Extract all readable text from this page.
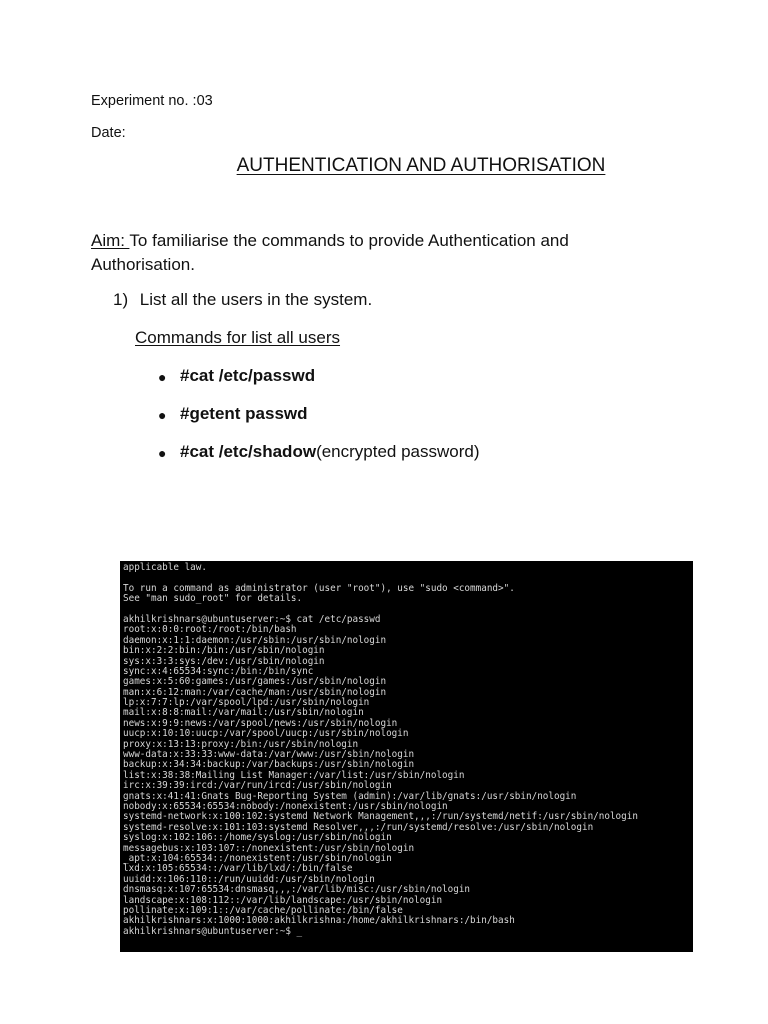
Experiment no. :03
Date:
AUTHENTICATION AND AUTHORISATION
Aim: To familiarise the commands to provide Authentication and Authorisation.
1) List all the users in the system.
Commands for list all users
● #cat /etc/passwd
● #getent passwd
● #cat /etc/shadow(encrypted password)
applicable law.
To run a command as administrator (user "root"), use "sudo <command>".
See "man sudo_root" for details.
akhilkrishnars@ubuntuserver:~$ cat /etc/passwd
root:x:0:0:root:/root:/bin/bash
daemon:x:1:1:daemon:/usr/sbin:/usr/sbin/nologin
bin:x:2:2:bin:/bin:/usr/sbin/nologin
sys:x:3:3:sys:/dev:/usr/sbin/nologin
sync:x:4:65534:sync:/bin:/bin/sync
games:x:5:60:games:/usr/games:/usr/sbin/nologin
man:x:6:12:man:/var/cache/man:/usr/sbin/nologin
lp:x:7:7:lp:/var/spool/lpd:/usr/sbin/nologin
mail:x:8:8:mail:/var/mail:/usr/sbin/nologin
news:x:9:9:news:/var/spool/news:/usr/sbin/nologin
uucp:x:10:10:uucp:/var/spool/uucp:/usr/sbin/nologin
proxy:x:13:13:proxy:/bin:/usr/sbin/nologin
www-data:x:33:33:www-data:/var/www:/usr/sbin/nologin
backup:x:34:34:backup:/var/backups:/usr/sbin/nologin
list:x:38:38:Mailing List Manager:/var/list:/usr/sbin/nologin
irc:x:39:39:ircd:/var/run/ircd:/usr/sbin/nologin
gnats:x:41:41:Gnats Bug-Reporting System (admin):/var/lib/gnats:/usr/sbin/nologin
nobody:x:65534:65534:nobody:/nonexistent:/usr/sbin/nologin
systemd-network:x:100:102:systemd Network Management,,,:/run/systemd/netif:/usr/sbin/nologin
systemd-resolve:x:101:103:systemd Resolver,,,:/run/systemd/resolve:/usr/sbin/nologin
syslog:x:102:106::/home/syslog:/usr/sbin/nologin
messagebus:x:103:107::/nonexistent:/usr/sbin/nologin
_apt:x:104:65534::/nonexistent:/usr/sbin/nologin
lxd:x:105:65534::/var/lib/lxd/:/bin/false
uuidd:x:106:110::/run/uuidd:/usr/sbin/nologin
dnsmasq:x:107:65534:dnsmasq,,,:/var/lib/misc:/usr/sbin/nologin
landscape:x:108:112::/var/lib/landscape:/usr/sbin/nologin
pollinate:x:109:1::/var/cache/pollinate:/bin/false
akhilkrishnars:x:1000:1000:akhilkrishna:/home/akhilkrishnars:/bin/bash
akhilkrishnars@ubuntuserver:~$ _
